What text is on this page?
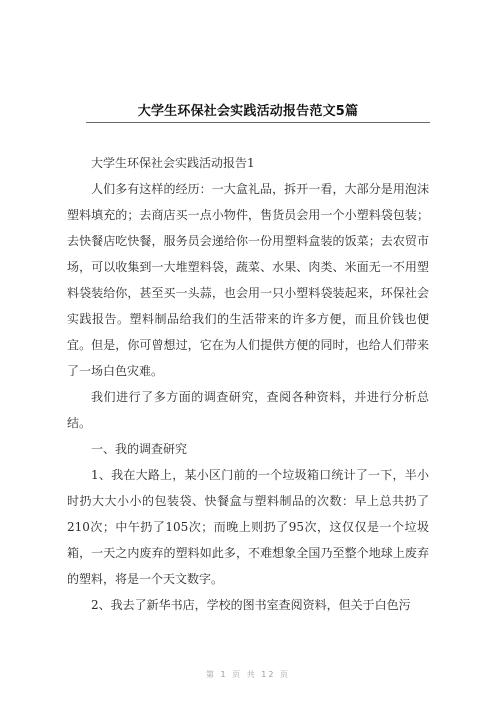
大学生环保社会实践活动报告范文5篇

大学生环保社会实践活动报告1

人们多有这样的经历：一大盒礼品，拆开一看，大部分是用泡沫塑料填充的；去商店买一点小物件，售货员会用一个小塑料袋包装；去快餐店吃快餐，服务员会递给你一份用塑料盒装的饭菜；去农贸市场，可以收集到一大堆塑料袋，蔬菜、水果、肉类、米面无一不用塑料袋装给你，甚至买一头蒜，也会用一只小塑料袋装起来，环保社会实践报告。塑料制品给我们的生活带来的许多方便，而且价钱也便宜。但是，你可曾想过，它在为人们提供方便的同时，也给人们带来了一场白色灾难。

我们进行了多方面的调查研究，查阅各种资料，并进行分析总结。

一、我的调查研究

1、我在大路上，某小区门前的一个垃圾箱口统计了一下，半小时扔大大小小的包装袋、快餐盒与塑料制品的次数：早上总共扔了210次；中午扔了105次；而晚上则扔了95次，这仅仅是一个垃圾箱，一天之内废弃的塑料如此多，不难想象全国乃至整个地球上废弃的塑料，将是一个天文数字。

2、我去了新华书店，学校的图书室查阅资料，但关于白色污

第 1 页 共 12 页
